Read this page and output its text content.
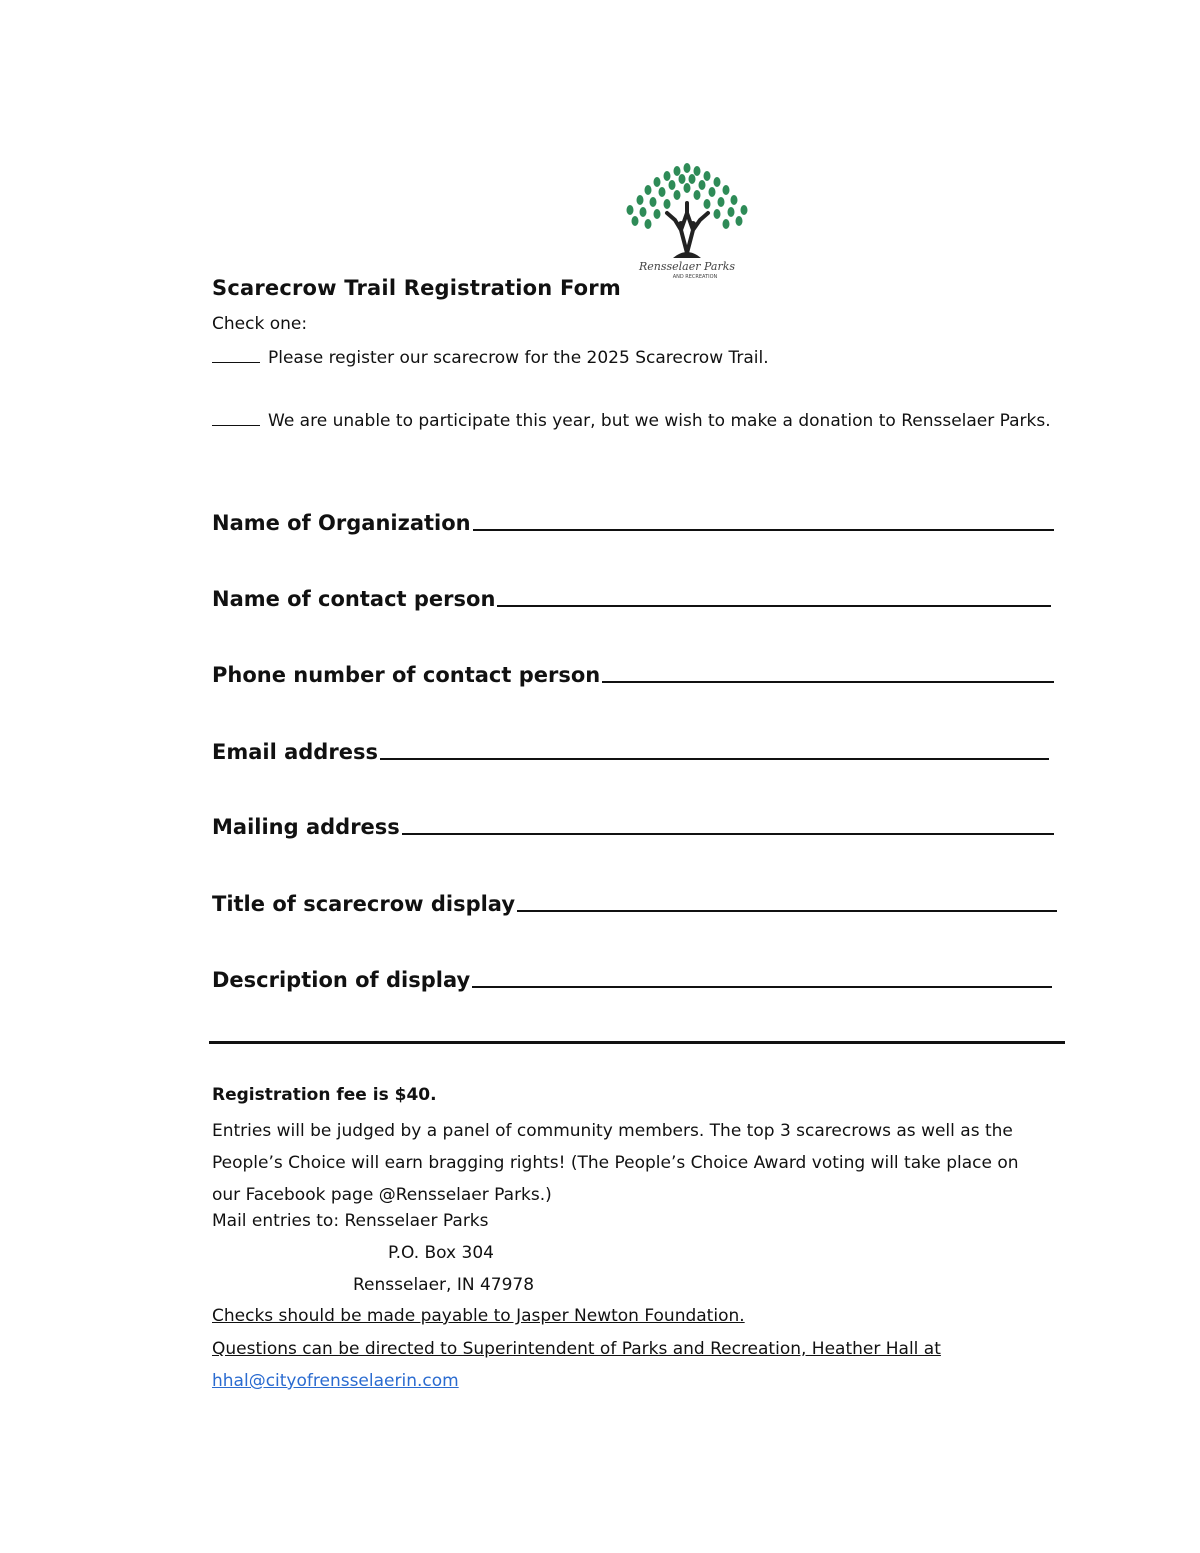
Rensselaer Parks
AND RECREATION
Scarecrow Trail Registration Form
Check one:
Please register our scarecrow for the 2025 Scarecrow Trail.
We are unable to participate this year, but we wish to make a donation to Rensselaer Parks.
Name of Organization
Name of contact person
Phone number of contact person
Email address
Mailing address
Title of scarecrow display
Description of display
Registration fee is $40.
Entries will be judged by a panel of community members. The top 3 scarecrows as well as the People’s Choice will earn bragging rights! (The People’s Choice Award voting will take place on our Facebook page @Rensselaer Parks.)
Mail entries to: Rensselaer Parks
P.O. Box 304
Rensselaer, IN 47978
Checks should be made payable to Jasper Newton Foundation.
Questions can be directed to Superintendent of Parks and Recreation, Heather Hall at
hhal@cityofrensselaerin.com
